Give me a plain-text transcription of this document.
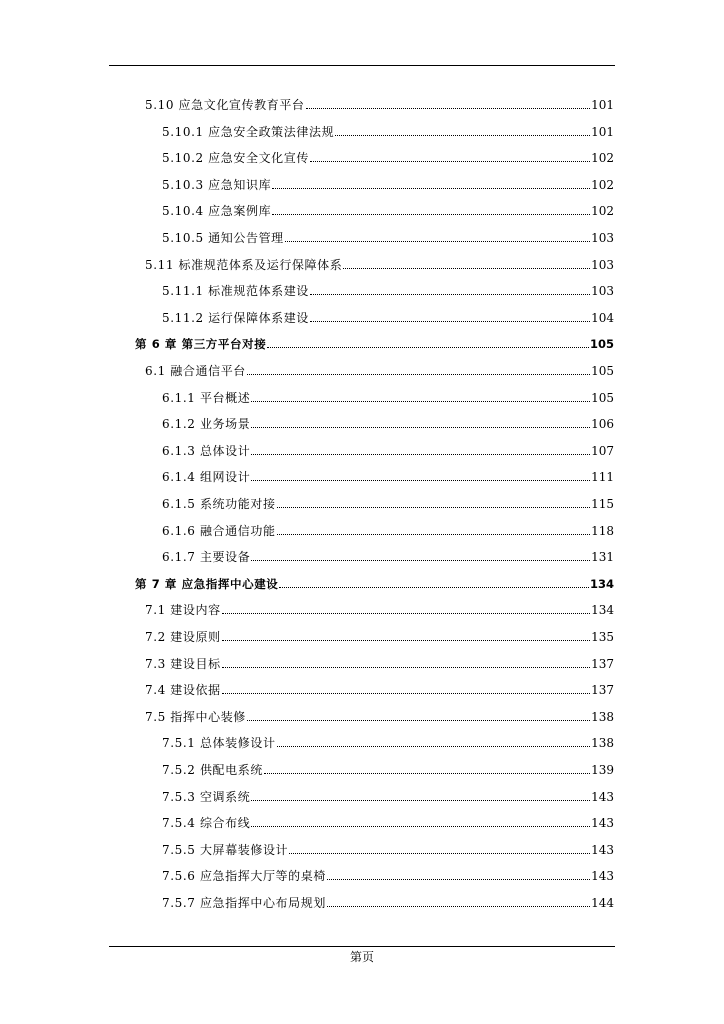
5.10 应急文化宣传教育平台	101
5.10.1 应急安全政策法律法规	101
5.10.2 应急安全文化宣传	102
5.10.3 应急知识库	102
5.10.4 应急案例库	102
5.10.5 通知公告管理	103
5.11 标准规范体系及运行保障体系	103
5.11.1 标准规范体系建设	103
5.11.2 运行保障体系建设	104
第 6 章 第三方平台对接	105
6.1 融合通信平台	105
6.1.1 平台概述	105
6.1.2 业务场景	106
6.1.3 总体设计	107
6.1.4 组网设计	111
6.1.5 系统功能对接	115
6.1.6 融合通信功能	118
6.1.7 主要设备	131
第 7 章 应急指挥中心建设	134
7.1 建设内容	134
7.2 建设原则	135
7.3 建设目标	137
7.4 建设依据	137
7.5 指挥中心装修	138
7.5.1 总体装修设计	138
7.5.2 供配电系统	139
7.5.3 空调系统	143
7.5.4 综合布线	143
7.5.5 大屏幕装修设计	143
7.5.6 应急指挥大厅等的桌椅	143
7.5.7 应急指挥中心布局规划	144
第页
